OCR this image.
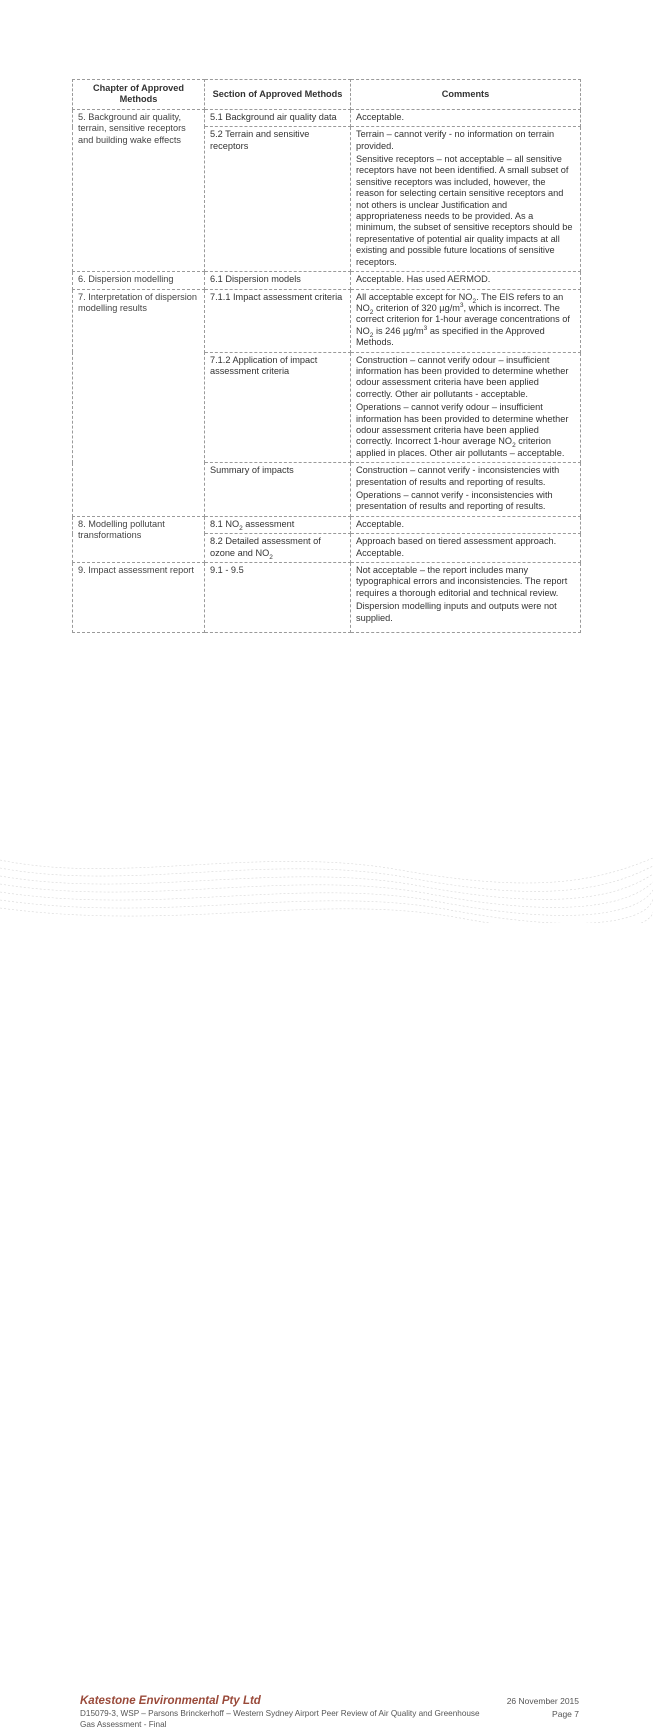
Chapter of Approved Methods	Section of Approved Methods	Comments
5. Background air quality, terrain, sensitive receptors and building wake effects	5.1 Background air quality data	Acceptable.

	5.2 Terrain and sensitive receptors	Terrain – cannot verify - no information on terrain provided.

Sensitive receptors – not acceptable – all sensitive receptors have not been identified. A small subset of sensitive receptors was included, however, the reason for selecting certain sensitive receptors and not others is unclear Justification and appropriateness needs to be provided. As a minimum, the subset of sensitive receptors should be representative of potential air quality impacts at all existing and possible future locations of sensitive receptors.

6. Dispersion modelling	6.1 Dispersion models	Acceptable. Has used AERMOD.

7. Interpretation of dispersion modelling results	7.1.1 Impact assessment criteria	All acceptable except for $NO_2$. The EIS refers to an $NO_2$ criterion of 320 $\mu g/m^3$, which is incorrect. The correct criterion for 1-hour average concentrations of $NO_2$ is 246 $\mu g/m^3$ as specified in the Approved Methods.

	7.1.2 Application of impact assessment criteria	Construction – cannot verify odour – insufficient information has been provided to determine whether odour assessment criteria have been applied correctly. Other air pollutants - acceptable.

Operations – cannot verify odour – insufficient information has been provided to determine whether odour assessment criteria have been applied correctly. Incorrect 1-hour average $NO_2$ criterion applied in places. Other air pollutants – acceptable.

	Summary of impacts	Construction – cannot verify - inconsistencies with presentation of results and reporting of results.

Operations – cannot verify - inconsistencies with presentation of results and reporting of results.

8. Modelling pollutant transformations	8.1 $NO_2$ assessment	Acceptable.

	8.2 Detailed assessment of ozone and $NO_2$	Approach based on tiered assessment approach. Acceptable.

9. Impact assessment report	9.1 - 9.5	Not acceptable – the report includes many typographical errors and inconsistencies. The report requires a thorough editorial and technical review.

Dispersion modelling inputs and outputs were not supplied.

Katestone Environmental Pty Ltd
D15079-3, WSP – Parsons Brinckerhoff – Western Sydney Airport Peer Review of Air Quality and Greenhouse Gas Assessment - Final
26 November 2015
Page 7
